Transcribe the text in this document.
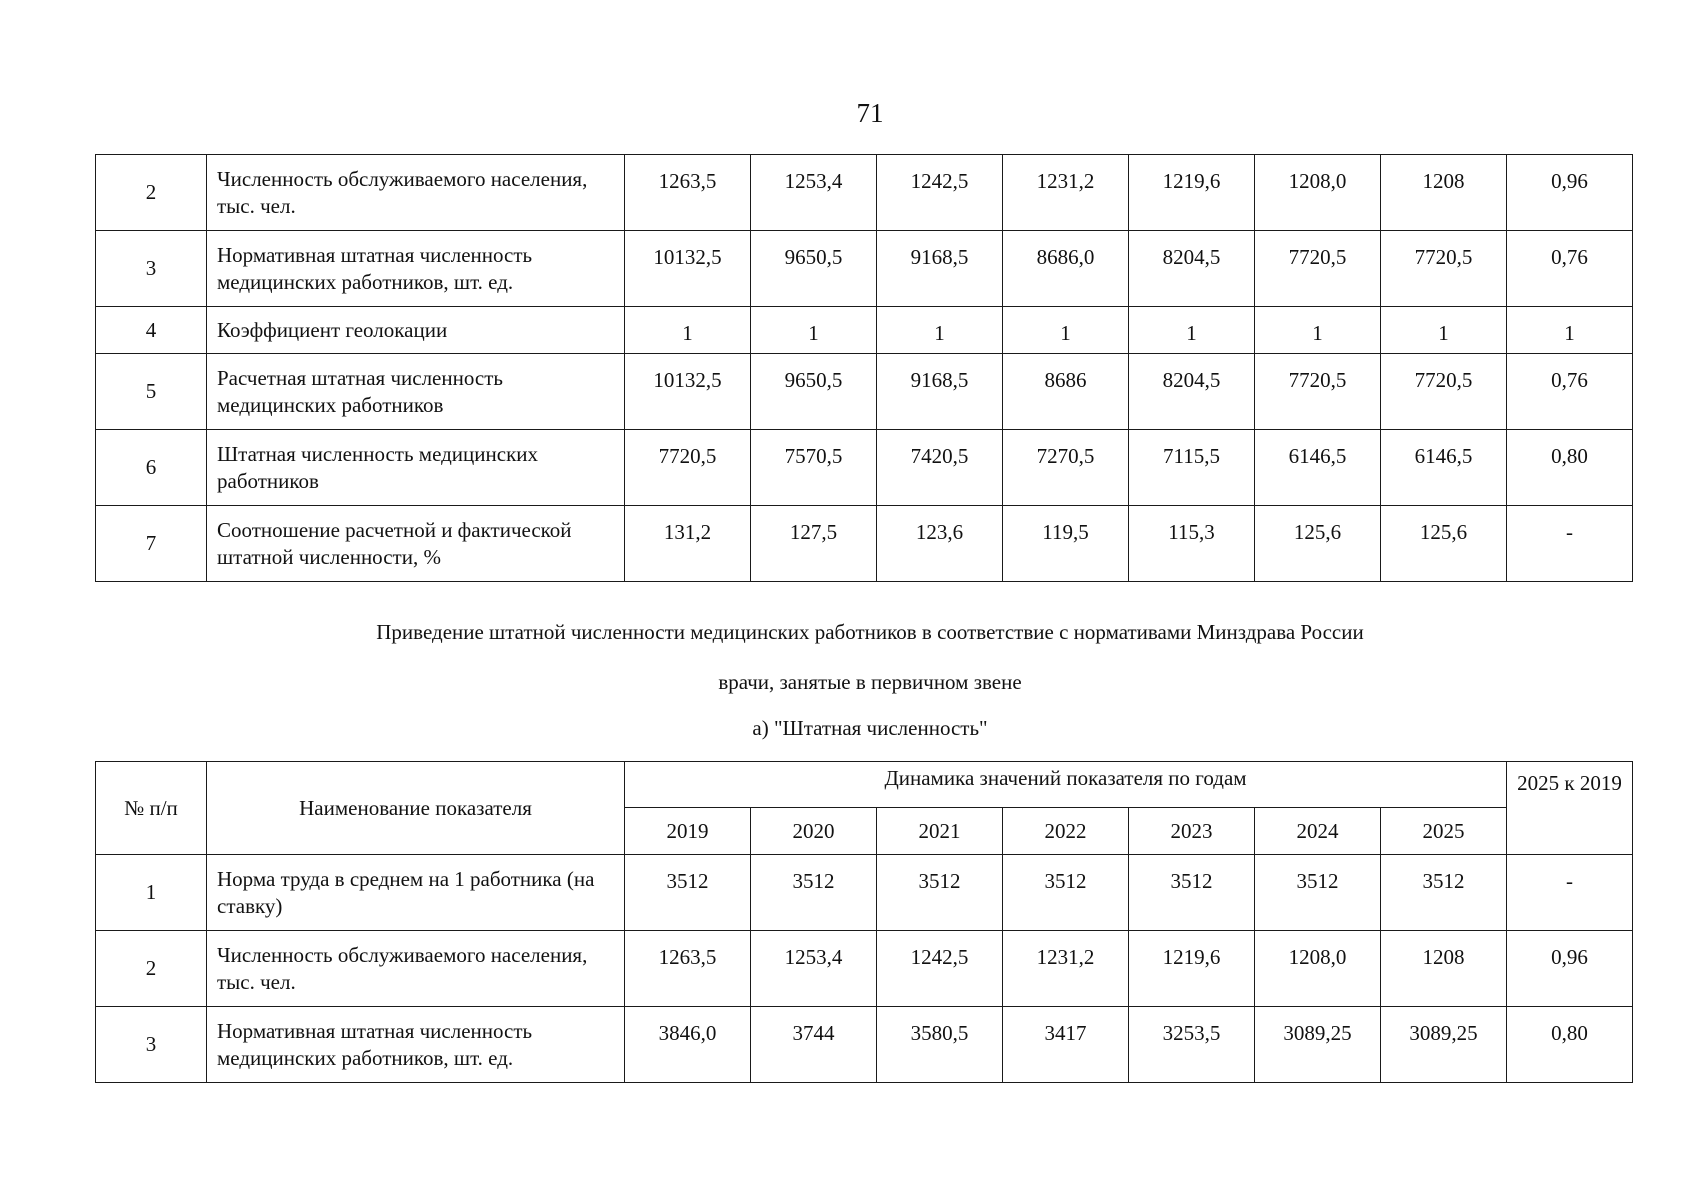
71
2	Численность обслуживаемого населения, тыс. чел.	1263,5	1253,4	1242,5	1231,2	1219,6	1208,0	1208	0,96
3	Нормативная штатная численность медицинских работников, шт. ед.	10132,5	9650,5	9168,5	8686,0	8204,5	7720,5	7720,5	0,76
4	Коэффициент геолокации	1	1	1	1	1	1	1	1
5	Расчетная штатная численность медицинских работников	10132,5	9650,5	9168,5	8686	8204,5	7720,5	7720,5	0,76
6	Штатная численность медицинских работников	7720,5	7570,5	7420,5	7270,5	7115,5	6146,5	6146,5	0,80
7	Соотношение расчетной и фактической штатной численности, %	131,2	127,5	123,6	119,5	115,3	125,6	125,6	-
Приведение штатной численности медицинских работников в соответствие с нормативами Минздрава России
врачи, занятые в первичном звене
а) "Штатная численность"
№ п/п	Наименование показателя	Динамика значений показателя по годам							2025 к 2019
		2019	2020	2021	2022	2023	2024	2025	
1	Норма труда в среднем на 1 работника (на ставку)	3512	3512	3512	3512	3512	3512	3512	-
2	Численность обслуживаемого населения, тыс. чел.	1263,5	1253,4	1242,5	1231,2	1219,6	1208,0	1208	0,96
3	Нормативная штатная численность медицинских работников, шт. ед.	3846,0	3744	3580,5	3417	3253,5	3089,25	3089,25	0,80
